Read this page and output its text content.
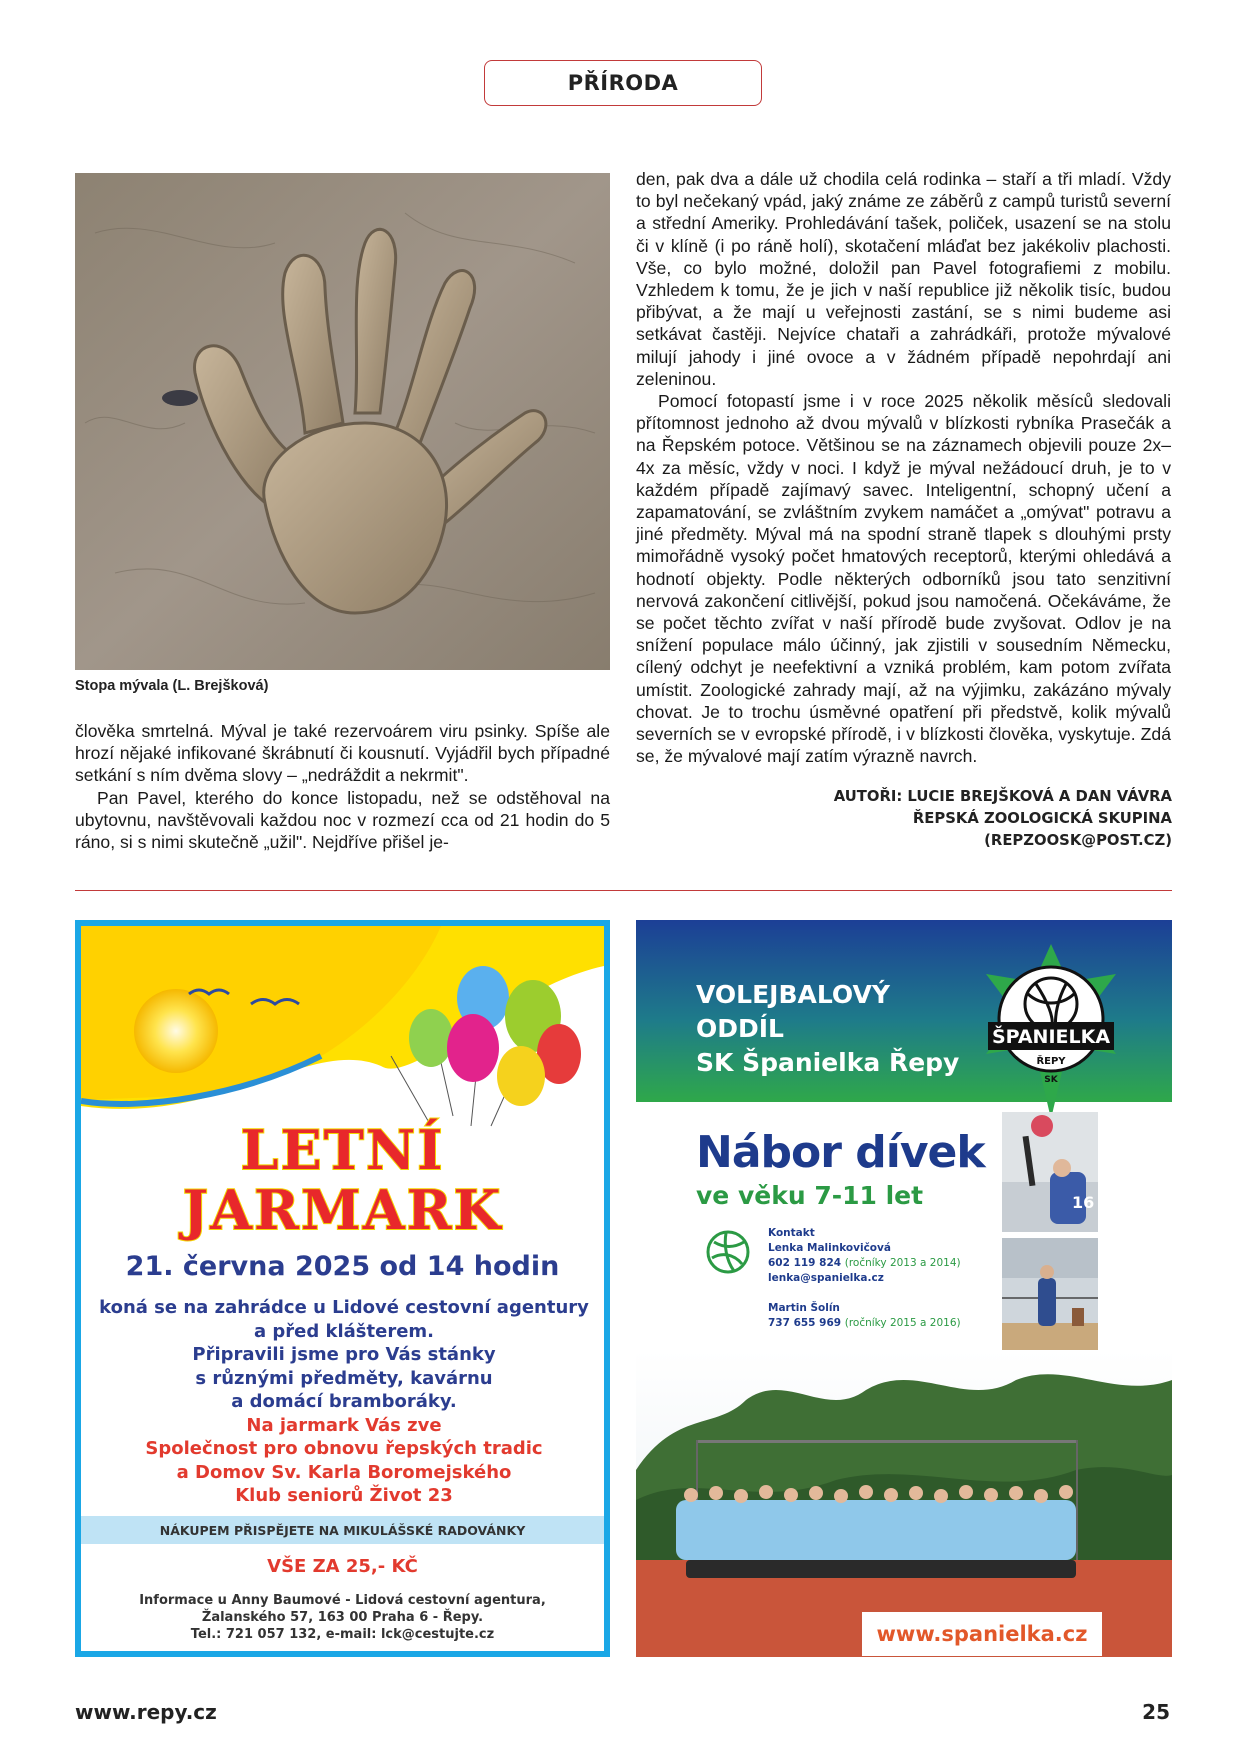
PŘÍRODA
Stopa mývala (L. Brejšková)

člověka smrtelná. Mýval je také rezervoárem viru psinky. Spíše ale hrozí nějaké infikované škrábnutí či kousnutí. Vyjádřil bych případné setkání s ním dvěma slovy – „nedráždit a nekrmit".

Pan Pavel, kterého do konce listopadu, než se odstěhoval na ubytovnu, navštěvovali každou noc v rozmezí cca od 21 hodin do 5 ráno, si s nimi skutečně „užil". Nejdříve přišel je-

den, pak dva a dále už chodila celá rodinka – staří a tři mladí. Vždy to byl nečekaný vpád, jaký známe ze záběrů z campů turistů severní a střední Ameriky. Prohledávání tašek, poliček, usazení se na stolu či v klíně (i po ráně holí), skotačení mláďat bez jakékoliv plachosti. Vše, co bylo možné, doložil pan Pavel fotografiemi z mobilu. Vzhledem k tomu, že je jich v naší republice již několik tisíc, budou přibývat, a že mají u veřejnosti zastání, se s nimi budeme asi setkávat častěji. Nejvíce chataři a zahrádkáři, protože mývalové milují jahody i jiné ovoce a v žádném případě nepohrdají ani zeleninou.

Pomocí fotopastí jsme i v roce 2025 několik měsíců sledovali přítomnost jednoho až dvou mývalů v blízkosti rybníka Prasečák a na Řepském potoce. Většinou se na záznamech objevili pouze 2x–4x za měsíc, vždy v noci. I když je mýval nežádoucí druh, je to v každém případě zajímavý savec. Inteligentní, schopný učení a zapamatování, se zvláštním zvykem namáčet a „omývat" potravu a jiné předměty. Mýval má na spodní straně tlapek s dlouhými prsty mimořádně vysoký počet hmatových receptorů, kterými ohledává a hodnotí objekty. Podle některých odborníků jsou tato senzitivní nervová zakončení citlivější, pokud jsou namočená. Očekáváme, že se počet těchto zvířat v naší přírodě bude zvyšovat. Odlov je na snížení populace málo účinný, jak zjistili v sousedním Německu, cílený odchyt je neefektivní a vzniká problém, kam potom zvířata umístit. Zoologické zahrady mají, až na výjimku, zakázáno mývaly chovat. Je to trochu úsměvné opatření při předstvě, kolik mývalů severních se v evropské přírodě, i v blízkosti člověka, vyskytuje. Zdá se, že mývalové mají zatím výrazně navrch.

AUTOŘI: LUCIE BREJŠKOVÁ A DAN VÁVRA
ŘEPSKÁ ZOOLOGICKÁ SKUPINA
(REPZOOSK@POST.CZ)
LETNÍ
JARMARK
21. června 2025 od 14 hodin
koná se na zahrádce u Lidové cestovní agentury
a před klášterem.
Připravili jsme pro Vás stánky
s různými předměty, kavárnu
a domácí bramboráky.
Na jarmark Vás zve
Společnost pro obnovu řepských tradic
a Domov Sv. Karla Boromejského
Klub seniorů Život 23
NÁKUPEM PŘISPĚJETE NA MIKULÁŠSKÉ RADOVÁNKY
VŠE ZA 25,- KČ
Informace u Anny Baumové - Lidová cestovní agentura,
Žalanského 57, 163 00 Praha 6 - Řepy.
Tel.: 721 057 132, e-mail: lck@cestujte.cz
VOLEJBALOVÝ
ODDÍL
SK Španielka Řepy
ŠPANIELKA
ŘEPY
SK
Nábor dívek
ve věku 7-11 let
Kontakt
Lenka Malinkovičová
602 119 824 (ročníky 2013 a 2014)
lenka@spanielka.cz
Martin Šolín
737 655 969 (ročníky 2015 a 2016)
16
www.spanielka.cz
www.repy.cz	25
